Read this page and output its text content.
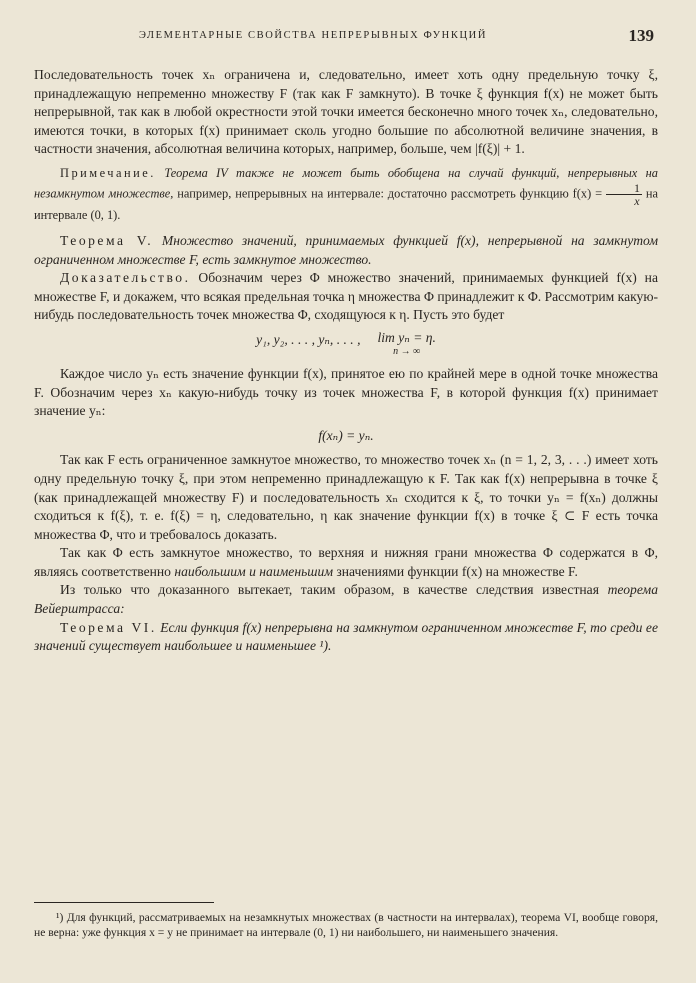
ЭЛЕМЕНТАРНЫЕ СВОЙСТВА НЕПРЕРЫВНЫХ ФУНКЦИЙ	139

Последовательность точек xₙ ограничена и, следовательно, имеет хоть одну предельную точку ξ, принадлежащую непременно множеству F (так как F замкнуто). В точке ξ функция f(x) не может быть непрерывной, так как в любой окрестности этой точки имеется бесконечно много точек xₙ, следовательно, имеются точки, в которых f(x) принимает сколь угодно большие по абсолютной величине значения, в частности значения, абсолютная величина которых, например, больше, чем |f(ξ)| + 1.

Примечание. Теорема IV также не может быть обобщена на случай функций, непрерывных на незамкнутом множестве, например, непрерывных на интервале: достаточно рассмотреть функцию $f(x) = \frac{1}{x}$ на интервале (0, 1).

Теорема V. Множество значений, принимаемых функцией f(x), непрерывной на замкнутом ограниченном множестве F, есть замкнутое множество.

Доказательство. Обозначим через Φ множество значений, принимаемых функцией f(x) на множестве F, и докажем, что всякая предельная точка η множества Φ принадлежит к Φ. Рассмотрим какую-нибудь последовательность точек множества Φ, сходящуюся к η. Пусть это будет

y₁, y₂, . . . , yₙ, . . . , lim yₙ = η.
n → ∞

Каждое число yₙ есть значение функции f(x), принятое ею по крайней мере в одной точке множества F. Обозначим через xₙ какую-нибудь точку из точек множества F, в которой функция f(x) принимает значение yₙ:

f(xₙ) = yₙ.

Так как F есть ограниченное замкнутое множество, то множество точек xₙ (n = 1, 2, 3, . . .) имеет хоть одну предельную точку ξ, при этом непременно принадлежащую к F. Так как f(x) непрерывна в точке ξ (как принадлежащей множеству F) и последовательность xₙ сходится к ξ, то точки yₙ = f(xₙ) должны сходиться к f(ξ), т. е. f(ξ) = η, следовательно, η как значение функции f(x) в точке ξ ⊂ F есть точка множества Φ, что и требовалось доказать.

Так как Φ есть замкнутое множество, то верхняя и нижняя грани множества Φ содержатся в Φ, являясь соответственно наибольшим и наименьшим значениями функции f(x) на множестве F.

Из только что доказанного вытекает, таким образом, в качестве следствия известная теорема Вейерштрасса:

Теорема VI. Если функция f(x) непрерывна на замкнутом ограниченном множестве F, то среди ее значений существует наибольшее и наименьшее ¹).

¹) Для функций, рассматриваемых на незамкнутых множествах (в частности на интервалах), теорема VI, вообще говоря, не верна: уже функция x = y не принимает на интервале (0, 1) ни наибольшего, ни наименьшего значения.
